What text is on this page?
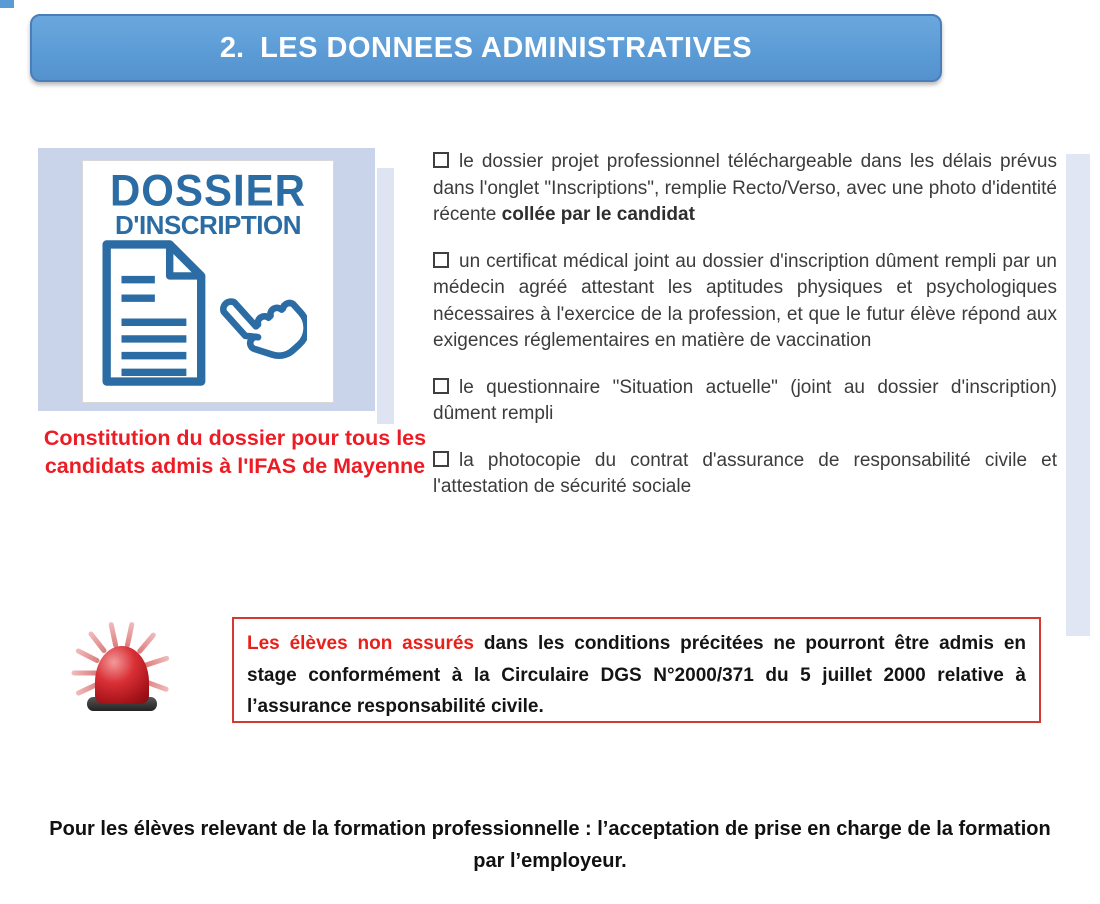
2. LES DONNEES ADMINISTRATIVES
DOSSIER
D'INSCRIPTION
Constitution du dossier pour tous les candidats admis à l'IFAS de Mayenne

le dossier projet professionnel téléchargeable dans les délais prévus dans l'onglet "Inscriptions", remplie Recto/Verso, avec une photo d'identité récente collée par le candidat

un certificat médical joint au dossier d'inscription dûment rempli par un médecin agréé attestant les aptitudes physiques et psychologiques nécessaires à l'exercice de la profession, et que le futur élève répond aux exigences réglementaires en matière de vaccination

le questionnaire "Situation actuelle" (joint au dossier d'inscription) dûment rempli

la photocopie du contrat d'assurance de responsabilité civile et l'attestation de sécurité sociale

Les élèves non assurés dans les conditions précitées ne pourront être admis en stage conformément à la Circulaire DGS N°2000/371 du 5 juillet 2000 relative à l’assurance responsabilité civile.
Pour les élèves relevant de la formation professionnelle : l’acceptation de prise en charge de la formation
par l’employeur.
